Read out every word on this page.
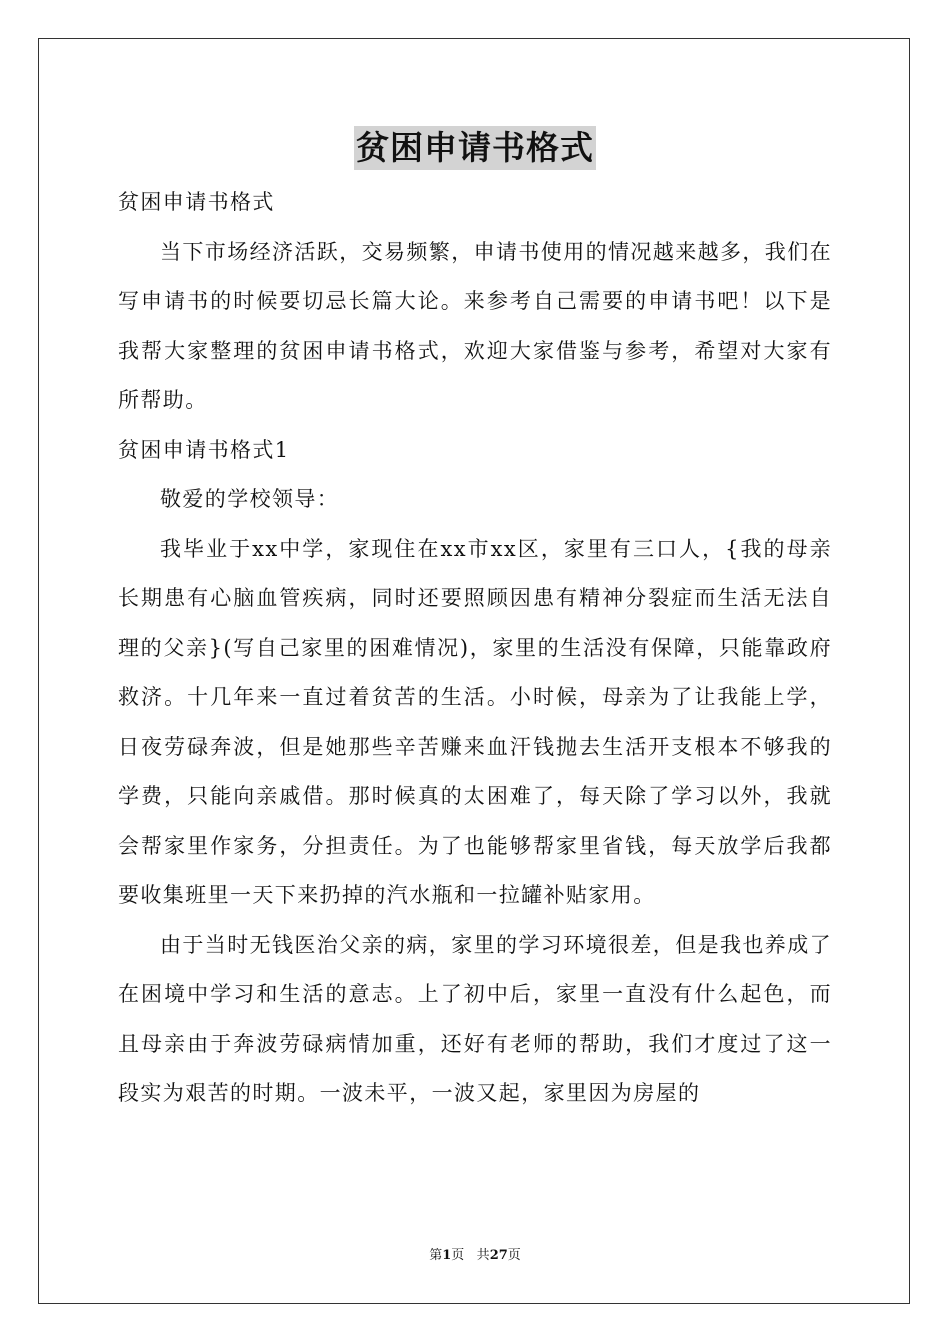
贫困申请书格式

贫困申请书格式

当下市场经济活跃，交易频繁，申请书使用的情况越来越多，我们在写申请书的时候要切忌长篇大论。来参考自己需要的申请书吧！以下是我帮大家整理的贫困申请书格式，欢迎大家借鉴与参考，希望对大家有所帮助。

贫困申请书格式1

敬爱的学校领导：

我毕业于xx中学，家现住在xx市xx区，家里有三口人，{我的母亲长期患有心脑血管疾病，同时还要照顾因患有精神分裂症而生活无法自理的父亲}(写自己家里的困难情况)，家里的生活没有保障，只能靠政府救济。十几年来一直过着贫苦的生活。小时候，母亲为了让我能上学，日夜劳碌奔波，但是她那些辛苦赚来血汗钱抛去生活开支根本不够我的学费，只能向亲戚借。那时候真的太困难了，每天除了学习以外，我就会帮家里作家务，分担责任。为了也能够帮家里省钱，每天放学后我都要收集班里一天下来扔掉的汽水瓶和一拉罐补贴家用。

由于当时无钱医治父亲的病，家里的学习环境很差，但是我也养成了在困境中学习和生活的意志。上了初中后，家里一直没有什么起色，而且母亲由于奔波劳碌病情加重，还好有老师的帮助，我们才度过了这一段实为艰苦的时期。一波未平，一波又起，家里因为房屋的

第1页 共27页
